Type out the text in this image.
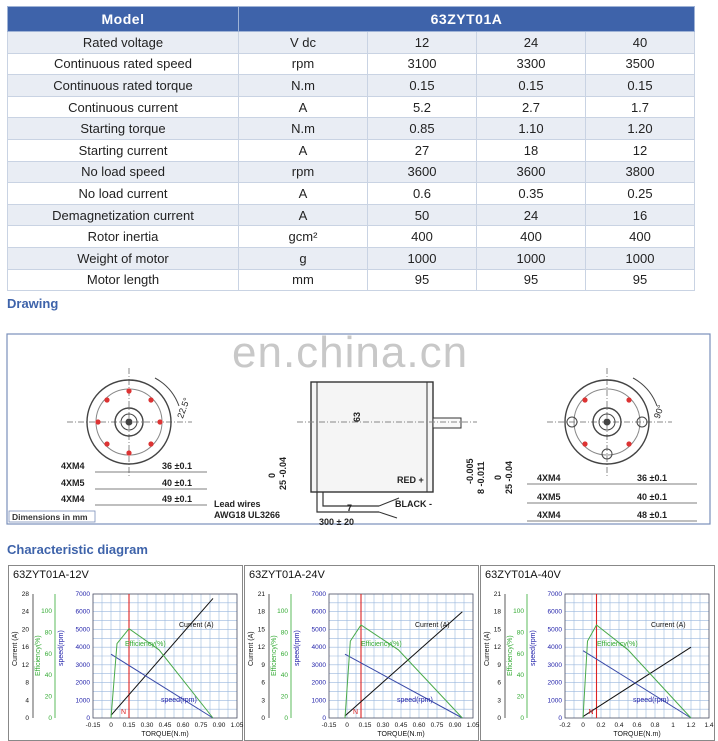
Model	63ZYT01A			
Rated voltage	V dc	12	24	40
Continuous rated speed	rpm	3100	3300	3500
Continuous rated torque	N.m	0.15	0.15	0.15
Continuous current	A	5.2	2.7	1.7
Starting torque	N.m	0.85	1.10	1.20
Starting current	A	27	18	12
No load speed	rpm	3600	3600	3800
No load current	A	0.6	0.35	0.25
Demagnetization current	A	50	24	16
Rotor inertia	gcm²	400	400	400
Weight of motor	g	1000	1000	1000
Motor length	mm	95	95	95
Drawing
22.5°
4XM4	36 ±0.1
4XM5	40 ±0.1
4XM4	49 ±0.1
63
0 25 -0.04	-0.005 8 -0.011 0 25 -0.04
RED +
BLACK -
Lead wires
AWG18 UL3266
7
300 ± 20
90°
4XM4	36 ±0.1
4XM5	40 ±0.1
4XM4	48 ±0.1
Dimensions in mm
en.china.cn
Characteristic diagram
63ZYT01A-12V
-0.15 0 0.15 0.30 0.45 0.60 0.75 0.90 1.05
TORQUE(N.m)
0
4
8
12
16
20
24
28
Current (A)
0
20
40
60
80
100
Efficiency(%)
0
1000
2000
3000
4000
5000
6000
7000
speed(rpm)
Current (A)
Efficiency(%)
speed(rpm)
N
63ZYT01A-24V
-0.15 0 0.15 0.30 0.45 0.60 0.75 0.90 1.05
TORQUE(N.m)
0
3
6
9
12
15
18
21
Current (A)
0
20
40
60
80
100
Efficiency(%)
0
1000
2000
3000
4000
5000
6000
7000
speed(rpm)
Current (A)
Efficiency(%)
speed(rpm)
N
63ZYT01A-40V
-0.2 0 0.2 0.4 0.6 0.8 1 1.2 1.4
TORQUE(N.m)
0
3
6
9
12
15
18
21
Current (A)
0
20
40
60
80
100
Efficiency(%)
0
1000
2000
3000
4000
5000
6000
7000
speed(rpm)
Current (A)
Efficiency(%)
speed(rpm)
N
